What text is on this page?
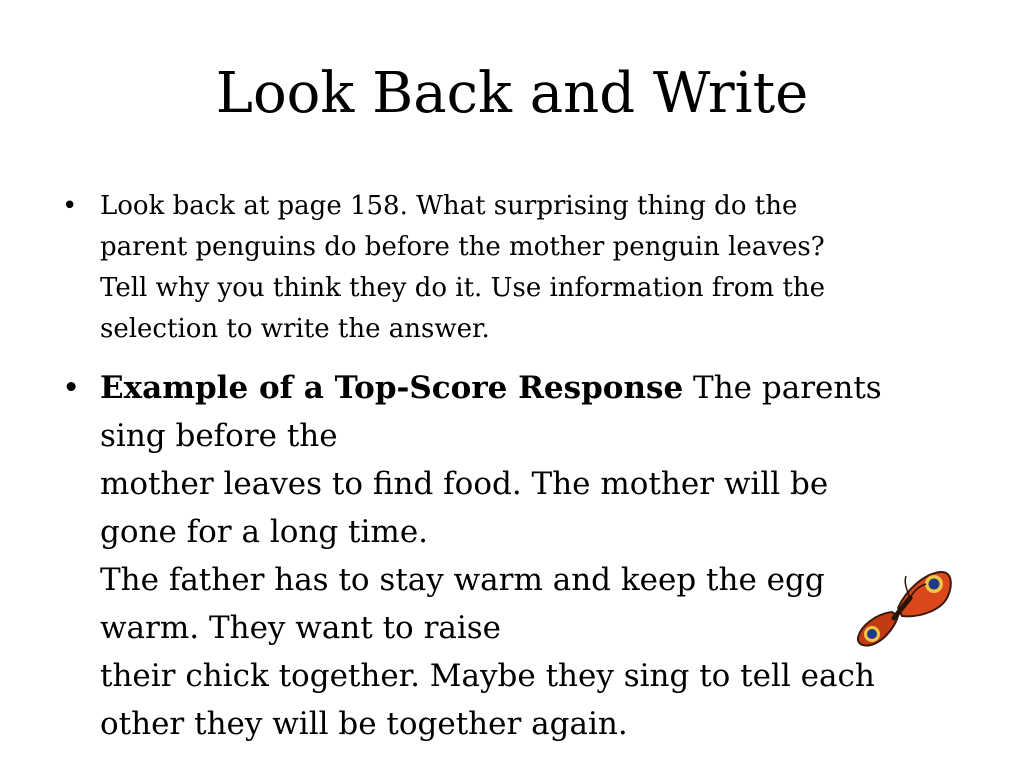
Look Back and Write
• Look back at page 158. What surprising thing do the
parent penguins do before the mother penguin leaves?
Tell why you think they do it. Use information from the
selection to write the answer.
• Example of a Top-Score Response The parents
sing before the
mother leaves to find food. The mother will be
gone for a long time.
The father has to stay warm and keep the egg
warm. They want to raise
their chick together. Maybe they sing to tell each
other they will be together again.
